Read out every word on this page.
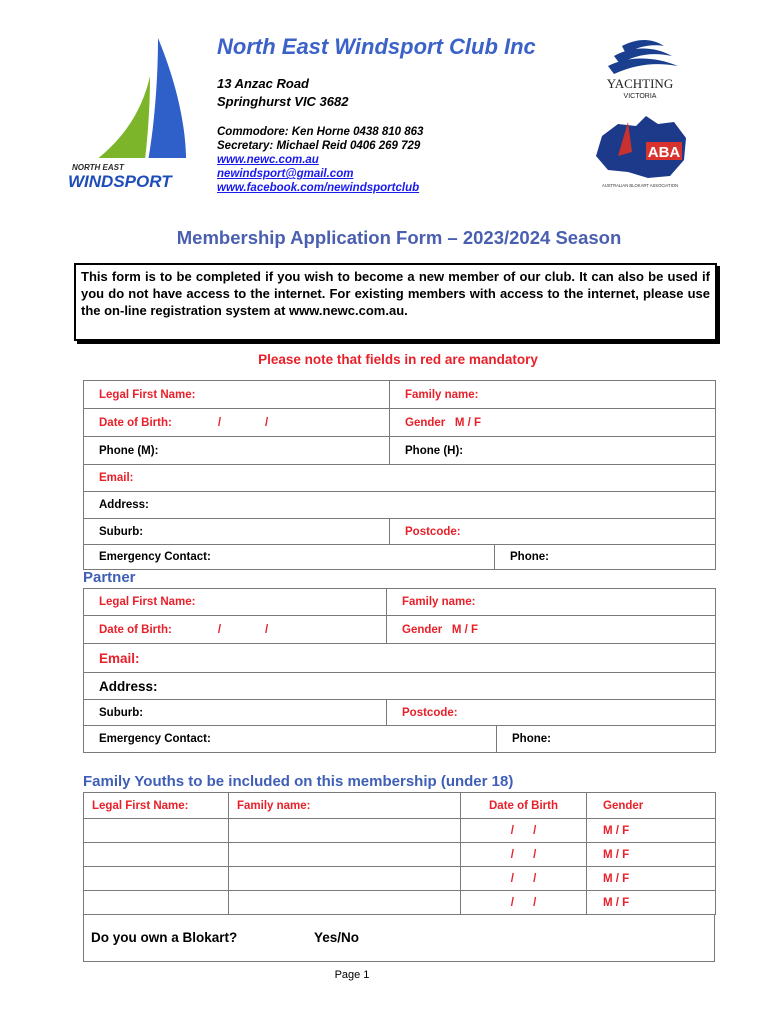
NORTH EAST
WINDSPORT
YACHTING
VICTORIA
ABA
AUSTRALIAN BLOKART ASSOCIATION
North East Windsport Club Inc
13 Anzac Road
Springhurst VIC 3682
Commodore: Ken Horne 0438 810 863
Secretary: Michael Reid 0406 269 729
www.newc.com.au
newindsport@gmail.com
www.facebook.com/newindsportclub
Membership Application Form – 2023/2024 Season

This form is to be completed if you wish to become a new member of our club. It can also be used if you do not have access to the internet. For existing members with access to the internet, please use the on-line registration system at www.newc.com.au.

Please note that fields in red are mandatory
Legal First Name:	Family name:	
Date of Birth: / /	Gender   M / F	
Phone (M):	Phone (H):	
Email:		
Address:		
Suburb:	Postcode:	
Emergency Contact:		Phone:
Partner
Legal First Name:	Family name:	
Date of Birth: / /	Gender   M / F	
Email:		
Address:		
Suburb:	Postcode:	
Emergency Contact:		Phone:
Family Youths to be included on this membership (under 18)
Legal First Name:	Family name:	Date of Birth	Gender
		/      /	M / F
		/      /	M / F
		/      /	M / F
		/      /	M / F
Do you own a Blokart?	Yes/No
Page 1
